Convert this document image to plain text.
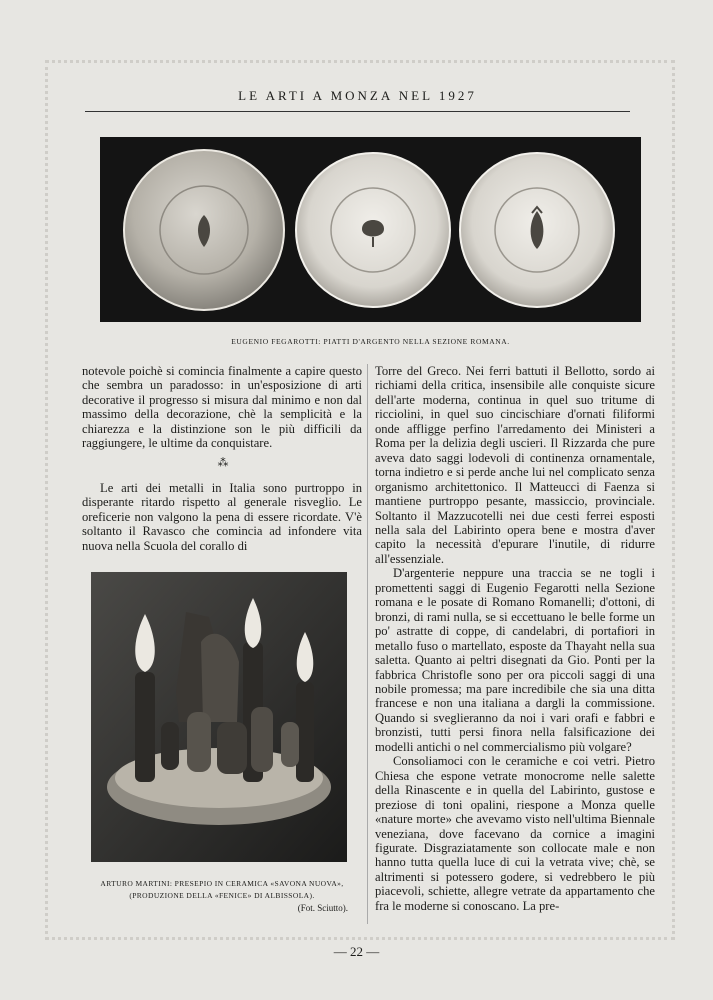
LE ARTI A MONZA NEL 1927
EUGENIO FEGAROTTI: PIATTI D'ARGENTO NELLA SEZIONE ROMANA.

notevole poichè si comincia finalmente a capire questo che sembra un paradosso: in un'esposizione di arti decorative il progresso si misura dal minimo e non dal massimo della decorazione, chè la semplicità e la chiarezza e la distinzione son le più difficili da raggiungere, le ultime da conquistare.

⁂

Le arti dei metalli in Italia sono purtroppo in disperante ritardo rispetto al generale risveglio. Le oreficerie non valgono la pena di essere ricordate. V'è soltanto il Ravasco che comincia ad infondere vita nuova nella Scuola del corallo di

ARTURO MARTINI: PRESEPIO IN CERAMICA «SAVONA NUOVA»,
(PRODUZIONE DELLA «FENICE» DI ALBISSOLA).
(Fot. Sciutto).

Torre del Greco. Nei ferri battuti il Bellotto, sordo ai richiami della critica, insensibile alle conquiste sicure dell'arte moderna, continua in quel suo tritume di ricciolini, in quel suo cincischiare d'ornati filiformi onde affligge perfino l'arredamento dei Ministeri a Roma per la delizia degli uscieri. Il Rizzarda che pure aveva dato saggi lodevoli di continenza ornamentale, torna indietro e si perde anche lui nel complicato senza organismo architettonico. Il Matteucci di Faenza si mantiene purtroppo pesante, massiccio, provinciale. Soltanto il Mazzucotelli nei due cesti ferrei esposti nella sala del Labirinto opera bene e mostra d'aver capito la necessità d'epurare l'inutile, di ridurre all'essenziale.

D'argenterie neppure una traccia se ne togli i promettenti saggi di Eugenio Fegarotti nella Sezione romana e le posate di Romano Romanelli; d'ottoni, di bronzi, di rami nulla, se si eccettuano le belle forme un po' astratte di coppe, di candelabri, di portafiori in metallo fuso o martellato, esposte da Thayaht nella sua saletta. Quanto ai peltri disegnati da Gio. Ponti per la fabbrica Christofle sono per ora piccoli saggi di una nobile promessa; ma pare incredibile che sia una ditta francese e non una italiana a dargli la commissione. Quando si sveglieranno da noi i vari orafi e fabbri e bronzisti, tutti persi finora nella falsificazione dei modelli antichi o nel commercialismo più volgare?

Consoliamoci con le ceramiche e coi vetri. Pietro Chiesa che espone vetrate monocrome nelle salette della Rinascente e in quella del Labirinto, gustose e preziose di toni opalini, riespone a Monza quelle «nature morte» che avevamo visto nell'ultima Biennale veneziana, dove facevano da cornice a imagini figurate. Disgraziatamente son collocate male e non hanno tutta quella luce di cui la vetrata vive; chè, se altrimenti si potessero godere, si vedrebbero le più piacevoli, schiette, allegre vetrate da appartamento che fra le moderne si conoscano. La pre-

— 22 —
